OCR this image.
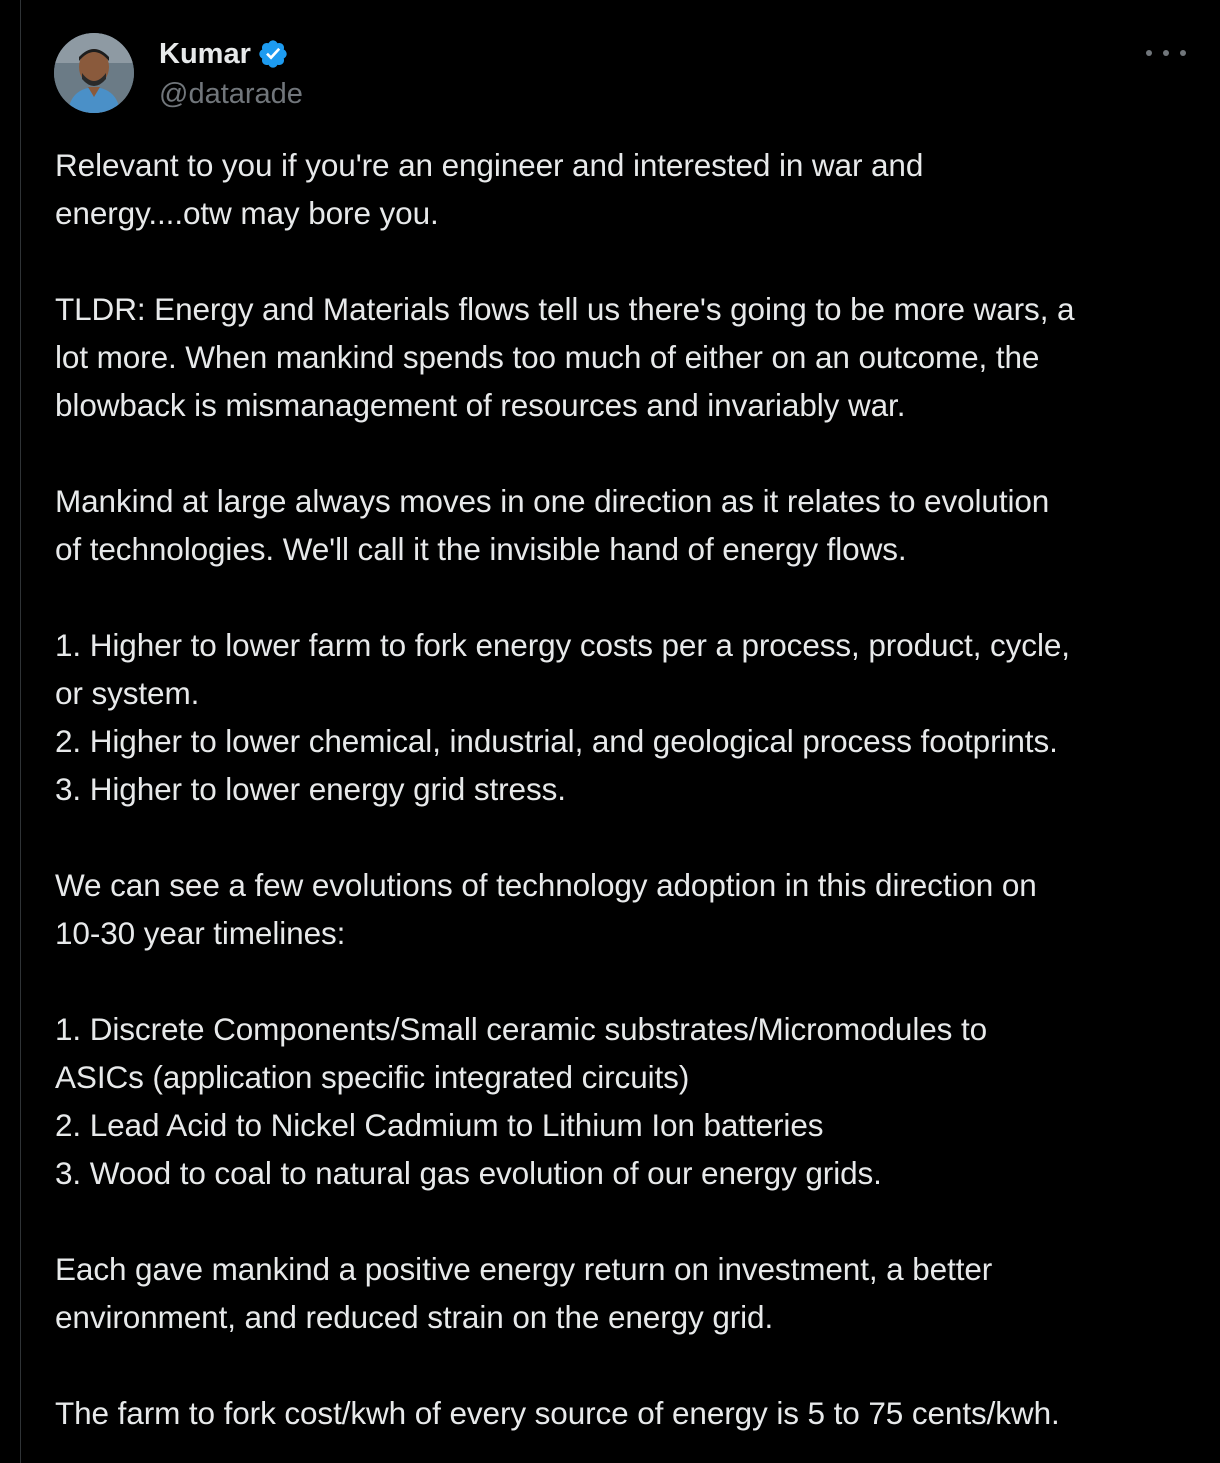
Kumar
@datarade
Relevant to you if you're an engineer and interested in war and
energy....otw may bore you.
TLDR: Energy and Materials flows tell us there's going to be more wars, a
lot more. When mankind spends too much of either on an outcome, the
blowback is mismanagement of resources and invariably war.
Mankind at large always moves in one direction as it relates to evolution
of technologies. We'll call it the invisible hand of energy flows.
1. Higher to lower farm to fork energy costs per a process, product, cycle,
or system.
2. Higher to lower chemical, industrial, and geological process footprints.
3. Higher to lower energy grid stress.
We can see a few evolutions of technology adoption in this direction on
10-30 year timelines:
1. Discrete Components/Small ceramic substrates/Micromodules to
ASICs (application specific integrated circuits)
2. Lead Acid to Nickel Cadmium to Lithium Ion batteries
3. Wood to coal to natural gas evolution of our energy grids.
Each gave mankind a positive energy return on investment, a better
environment, and reduced strain on the energy grid.
The farm to fork cost/kwh of every source of energy is 5 to 75 cents/kwh.
